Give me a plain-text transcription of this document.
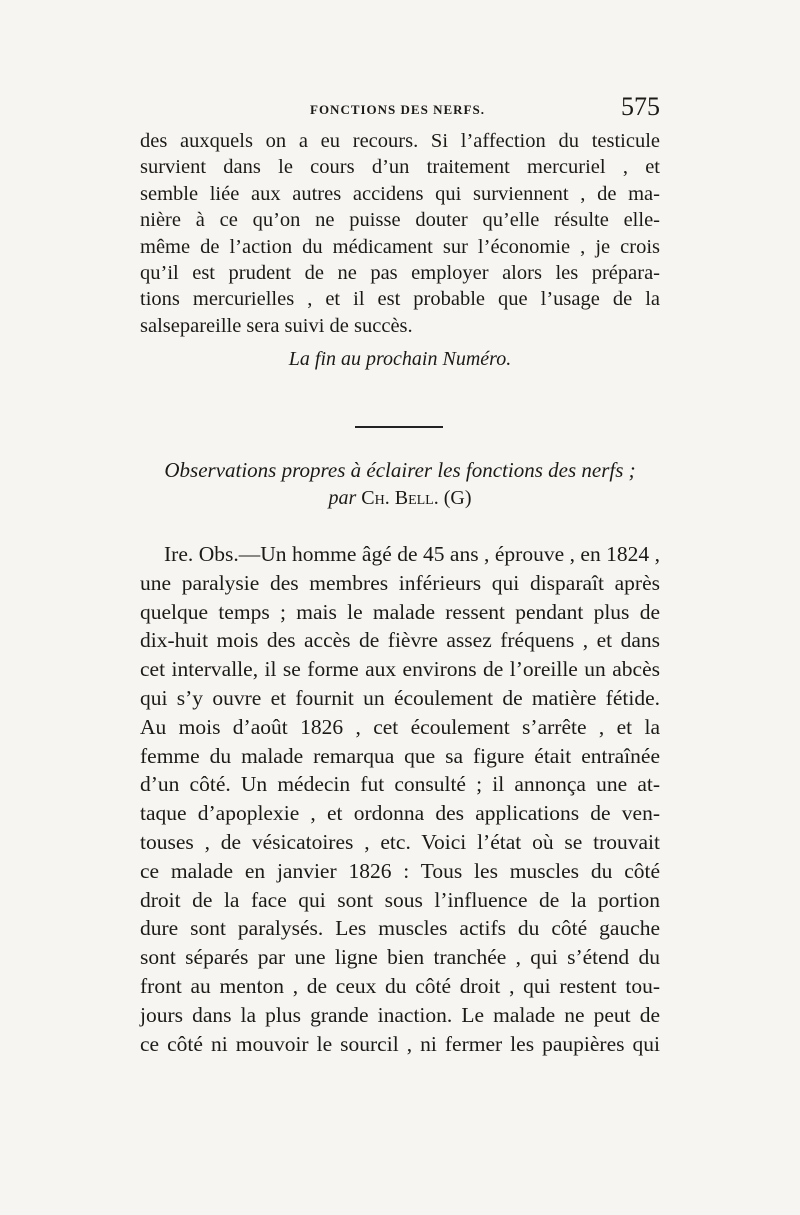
FONCTIONS DES NERFS.	575
des auxquels on a eu recours. Si l’affection du testicule
survient dans le cours d’un traitement mercuriel , et
semble liée aux autres accidens qui surviennent , de ma-
nière à ce qu’on ne puisse douter qu’elle résulte elle-
même de l’action du médicament sur l’économie , je crois
qu’il est prudent de ne pas employer alors les prépara-
tions mercurielles , et il est probable que l’usage de la
salsepareille sera suivi de succès.

La fin au prochain Numéro.

Observations propres à éclairer les fonctions des nerfs ;

par Ch. Bell. (G)

Ire. Obs.—Un homme âgé de 45 ans , éprouve , en 1824 ,
une paralysie des membres inférieurs qui disparaît après
quelque temps ; mais le malade ressent pendant plus de
dix-huit mois des accès de fièvre assez fréquens , et dans
cet intervalle, il se forme aux environs de l’oreille un abcès
qui s’y ouvre et fournit un écoulement de matière fétide.
Au mois d’août 1826 , cet écoulement s’arrête , et la
femme du malade remarqua que sa figure était entraînée
d’un côté. Un médecin fut consulté ; il annonça une at-
taque d’apoplexie , et ordonna des applications de ven-
touses , de vésicatoires , etc. Voici l’état où se trouvait
ce malade en janvier 1826 : Tous les muscles du côté
droit de la face qui sont sous l’influence de la portion
dure sont paralysés. Les muscles actifs du côté gauche
sont séparés par une ligne bien tranchée , qui s’étend du
front au menton , de ceux du côté droit , qui restent tou-
jours dans la plus grande inaction. Le malade ne peut de
ce côté ni mouvoir le sourcil , ni fermer les paupières qui
